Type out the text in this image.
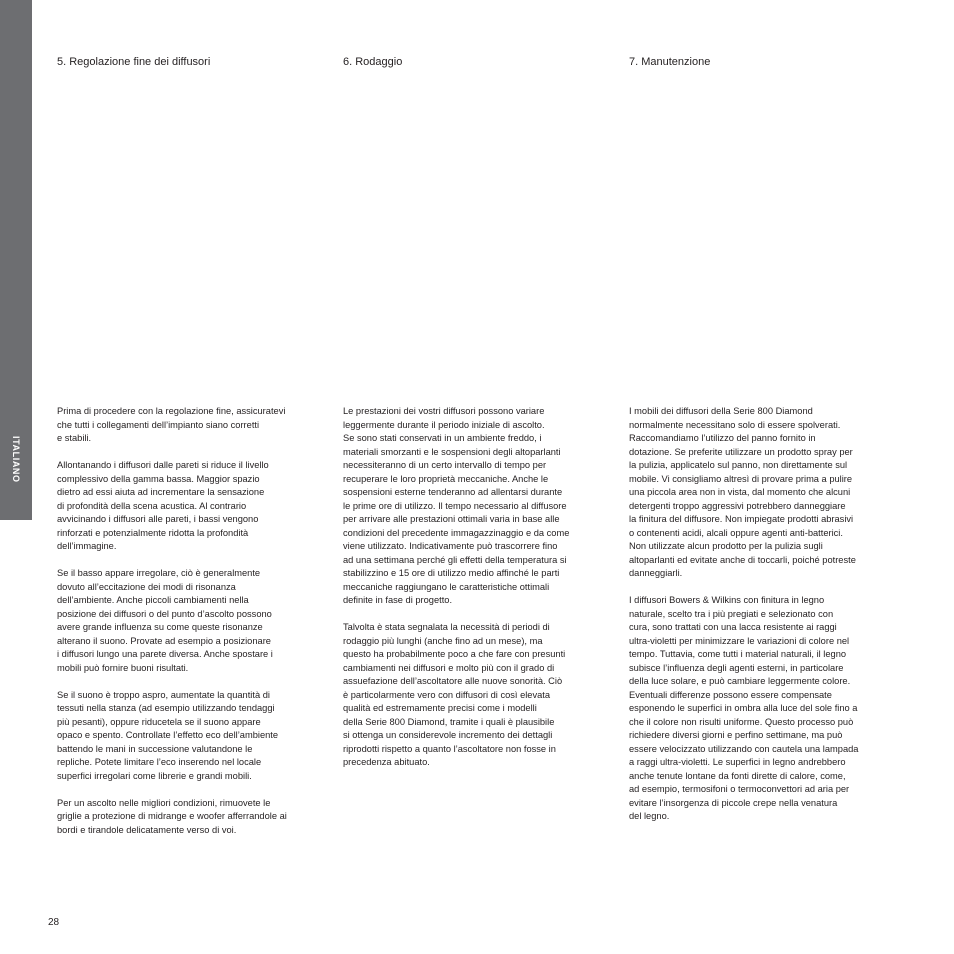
ITALIANO
5. Regolazione fine dei diffusori

Prima di procedere con la regolazione fine, assicuratevi
che tutti i collegamenti dell’impianto siano corretti
e stabili.

Allontanando i diffusori dalle pareti si riduce il livello
complessivo della gamma bassa. Maggior spazio
dietro ad essi aiuta ad incrementare la sensazione
di profondità della scena acustica. Al contrario
avvicinando i diffusori alle pareti, i bassi vengono
rinforzati e potenzialmente ridotta la profondità
dell’immagine.

Se il basso appare irregolare, ciò è generalmente
dovuto all’eccitazione dei modi di risonanza
dell’ambiente. Anche piccoli cambiamenti nella
posizione dei diffusori o del punto d’ascolto possono
avere grande influenza su come queste risonanze
alterano il suono. Provate ad esempio a posizionare
i diffusori lungo una parete diversa. Anche spostare i
mobili può fornire buoni risultati.

Se il suono è troppo aspro, aumentate la quantità di
tessuti nella stanza (ad esempio utilizzando tendaggi
più pesanti), oppure riducetela se il suono appare
opaco e spento. Controllate l’effetto eco dell’ambiente
battendo le mani in successione valutandone le
repliche. Potete limitare l’eco inserendo nel locale
superfici irregolari come librerie e grandi mobili.

Per un ascolto nelle migliori condizioni, rimuovete le
griglie a protezione di midrange e woofer afferrandole ai
bordi e tirandole delicatamente verso di voi.

6. Rodaggio

Le prestazioni dei vostri diffusori possono variare
leggermente durante il periodo iniziale di ascolto.
Se sono stati conservati in un ambiente freddo, i
materiali smorzanti e le sospensioni degli altoparlanti
necessiteranno di un certo intervallo di tempo per
recuperare le loro proprietà meccaniche. Anche le
sospensioni esterne tenderanno ad allentarsi durante
le prime ore di utilizzo. Il tempo necessario al diffusore
per arrivare alle prestazioni ottimali varia in base alle
condizioni del precedente immagazzinaggio e da come
viene utilizzato. Indicativamente può trascorrere fino
ad una settimana perché gli effetti della temperatura si
stabilizzino e 15 ore di utilizzo medio affinché le parti
meccaniche raggiungano le caratteristiche ottimali
definite in fase di progetto.

Talvolta è stata segnalata la necessità di periodi di
rodaggio più lunghi (anche fino ad un mese), ma
questo ha probabilmente poco a che fare con presunti
cambiamenti nei diffusori e molto più con il grado di
assuefazione dell’ascoltatore alle nuove sonorità. Ciò
è particolarmente vero con diffusori di così elevata
qualità ed estremamente precisi come i modelli
della Serie 800 Diamond, tramite i quali è plausibile
si ottenga un considerevole incremento dei dettagli
riprodotti rispetto a quanto l’ascoltatore non fosse in
precedenza abituato.

7. Manutenzione

I mobili dei diffusori della Serie 800 Diamond
normalmente necessitano solo di essere spolverati.
Raccomandiamo l’utilizzo del panno fornito in
dotazione. Se preferite utilizzare un prodotto spray per
la pulizia, applicatelo sul panno, non direttamente sul
mobile. Vi consigliamo altresì di provare prima a pulire
una piccola area non in vista, dal momento che alcuni
detergenti troppo aggressivi potrebbero danneggiare
la finitura del diffusore. Non impiegate prodotti abrasivi
o contenenti acidi, alcali oppure agenti anti-batterici.
Non utilizzate alcun prodotto per la pulizia sugli
altoparlanti ed evitate anche di toccarli, poiché potreste
danneggiarli.

I diffusori Bowers & Wilkins con finitura in legno
naturale, scelto tra i più pregiati e selezionato con
cura, sono trattati con una lacca resistente ai raggi
ultra-violetti per minimizzare le variazioni di colore nel
tempo. Tuttavia, come tutti i material naturali, il legno
subisce l’influenza degli agenti esterni, in particolare
della luce solare, e può cambiare leggermente colore.
Eventuali differenze possono essere compensate
esponendo le superfici in ombra alla luce del sole fino a
che il colore non risulti uniforme. Questo processo può
richiedere diversi giorni e perfino settimane, ma può
essere velocizzato utilizzando con cautela una lampada
a raggi ultra-violetti. Le superfici in legno andrebbero
anche tenute lontane da fonti dirette di calore, come,
ad esempio, termosifoni o termoconvettori ad aria per
evitare l’insorgenza di piccole crepe nella venatura
del legno.

28
